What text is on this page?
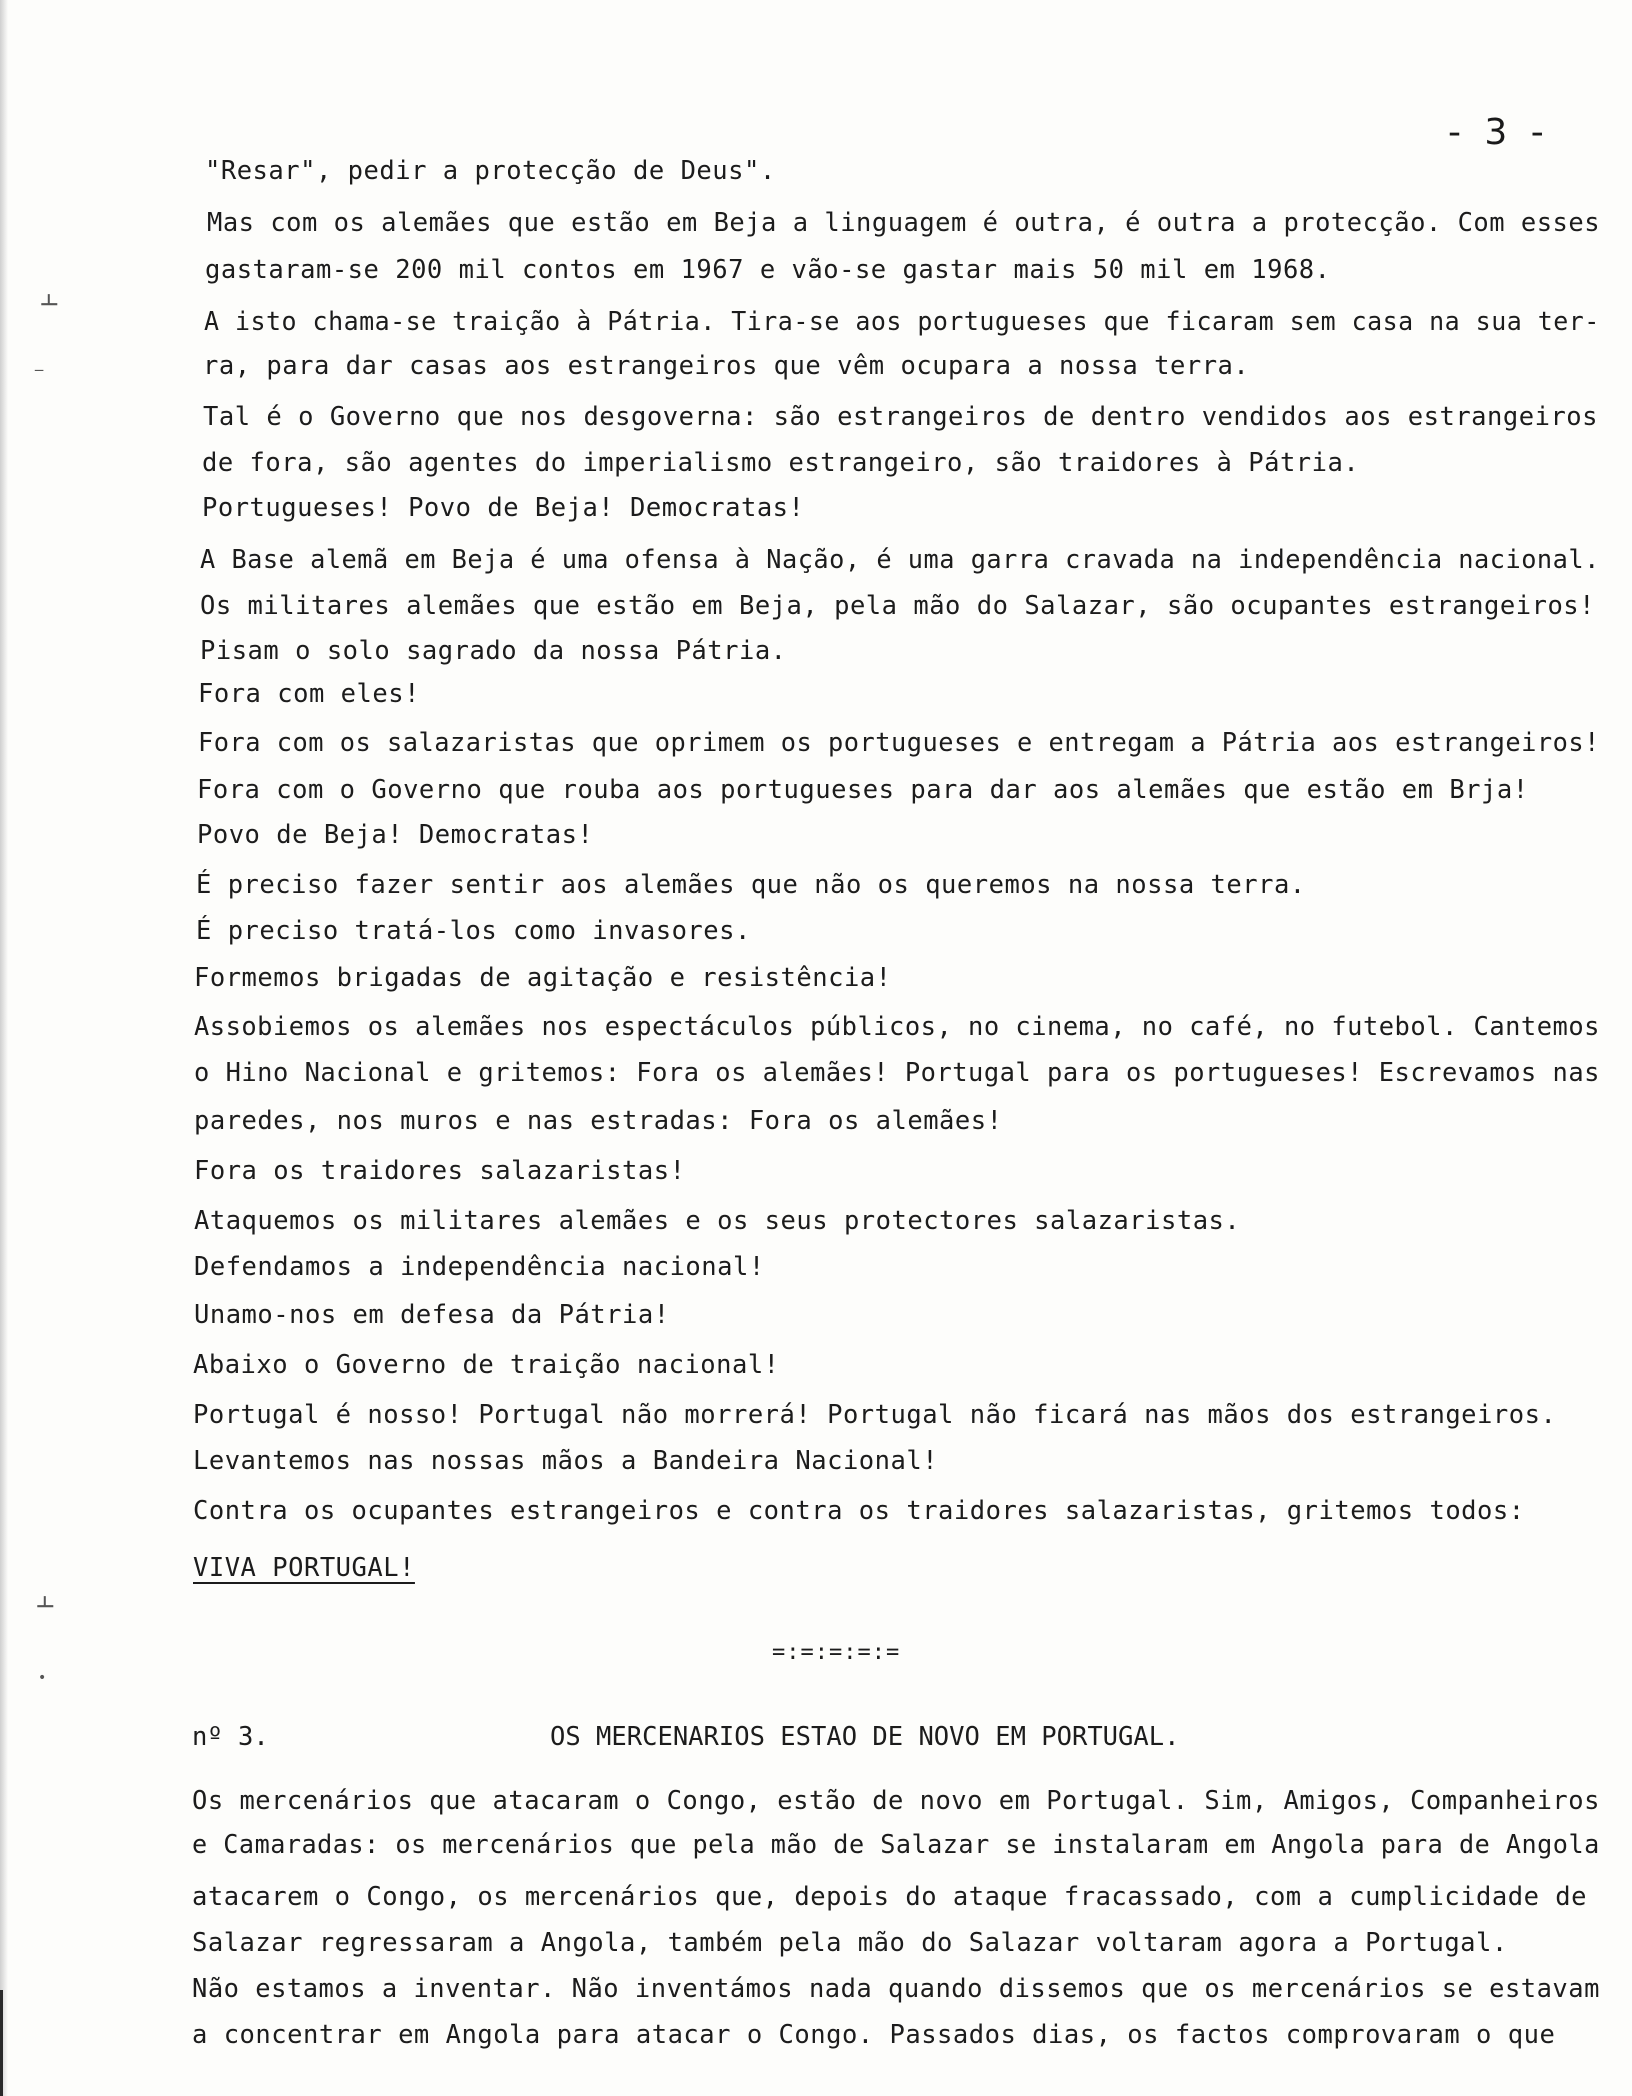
- 3 -
⫠
‒
⫠
•
"Resar", pedir a protecção de Deus".
Mas com os alemães que estão em Beja a linguagem é outra, é outra a protecção. Com esses
gastaram-se 200 mil contos em 1967 e vão-se gastar mais 50 mil em 1968.
A isto chama-se traição à Pátria. Tira-se aos portugueses que ficaram sem casa na sua ter-
ra, para dar casas aos estrangeiros que vêm ocupara a nossa terra.
Tal é o Governo que nos desgoverna: são estrangeiros de dentro vendidos aos estrangeiros
de fora, são agentes do imperialismo estrangeiro, são traidores à Pátria.
Portugueses! Povo de Beja! Democratas!
A Base alemã em Beja é uma ofensa à Nação, é uma garra cravada na independência nacional.
Os militares alemães que estão em Beja, pela mão do Salazar, são ocupantes estrangeiros!
Pisam o solo sagrado da nossa Pátria.
Fora com eles!
Fora com os salazaristas que oprimem os portugueses e entregam a Pátria aos estrangeiros!
Fora com o Governo que rouba aos portugueses para dar aos alemães que estão em Brja!
Povo de Beja! Democratas!
É preciso fazer sentir aos alemães que não os queremos na nossa terra.
É preciso tratá-los como invasores.
Formemos brigadas de agitação e resistência!
Assobiemos os alemães nos espectáculos públicos, no cinema, no café, no futebol. Cantemos
o Hino Nacional e gritemos: Fora os alemães! Portugal para os portugueses! Escrevamos nas
paredes, nos muros e nas estradas: Fora os alemães!
Fora os traidores salazaristas!
Ataquemos os militares alemães e os seus protectores salazaristas.
Defendamos a independência nacional!
Unamo-nos em defesa da Pátria!
Abaixo o Governo de traição nacional!
Portugal é nosso! Portugal não morrerá! Portugal não ficará nas mãos dos estrangeiros.
Levantemos nas nossas mãos a Bandeira Nacional!
Contra os ocupantes estrangeiros e contra os traidores salazaristas, gritemos todos:
VIVA PORTUGAL!
=:=:=:=:=
nº 3.	OS MERCENARIOS ESTAO DE NOVO EM PORTUGAL.
Os mercenários que atacaram o Congo, estão de novo em Portugal. Sim, Amigos, Companheiros
e Camaradas: os mercenários que pela mão de Salazar se instalaram em Angola para de Angola
atacarem o Congo, os mercenários que, depois do ataque fracassado, com a cumplicidade de
Salazar regressaram a Angola, também pela mão do Salazar voltaram agora a Portugal.
Não estamos a inventar. Não inventámos nada quando dissemos que os mercenários se estavam
a concentrar em Angola para atacar o Congo. Passados dias, os factos comprovaram o que
